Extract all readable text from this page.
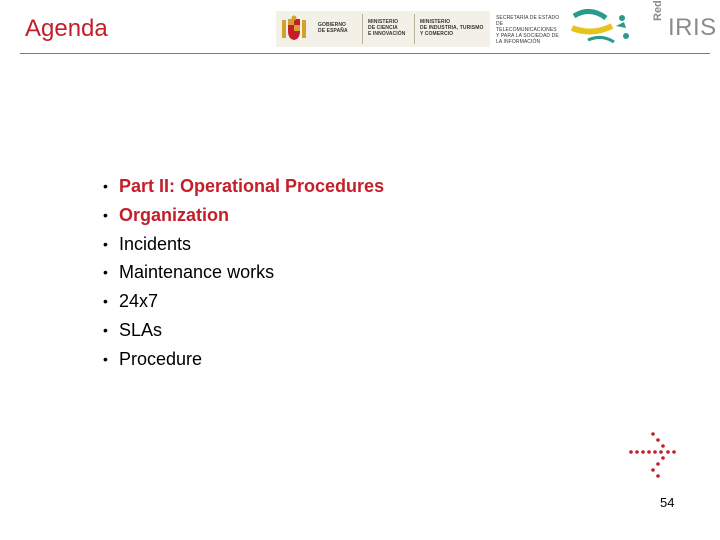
Agenda	GOBIERNO
DE ESPAÑA
MINISTERIO
DE CIENCIA
E INNOVACIÓN
MINISTERIO
DE INDUSTRIA, TURISMO
Y COMERCIO
SECRETARÍA DE ESTADO
DE TELECOMUNICACIONES
Y PARA LA SOCIEDAD DE
LA INFORMACIÓN
Red
IRIS
• Part II: Operational Procedures
• Organization
• Incidents
• Maintenance works
• 24x7
• SLAs
• Procedure
54
